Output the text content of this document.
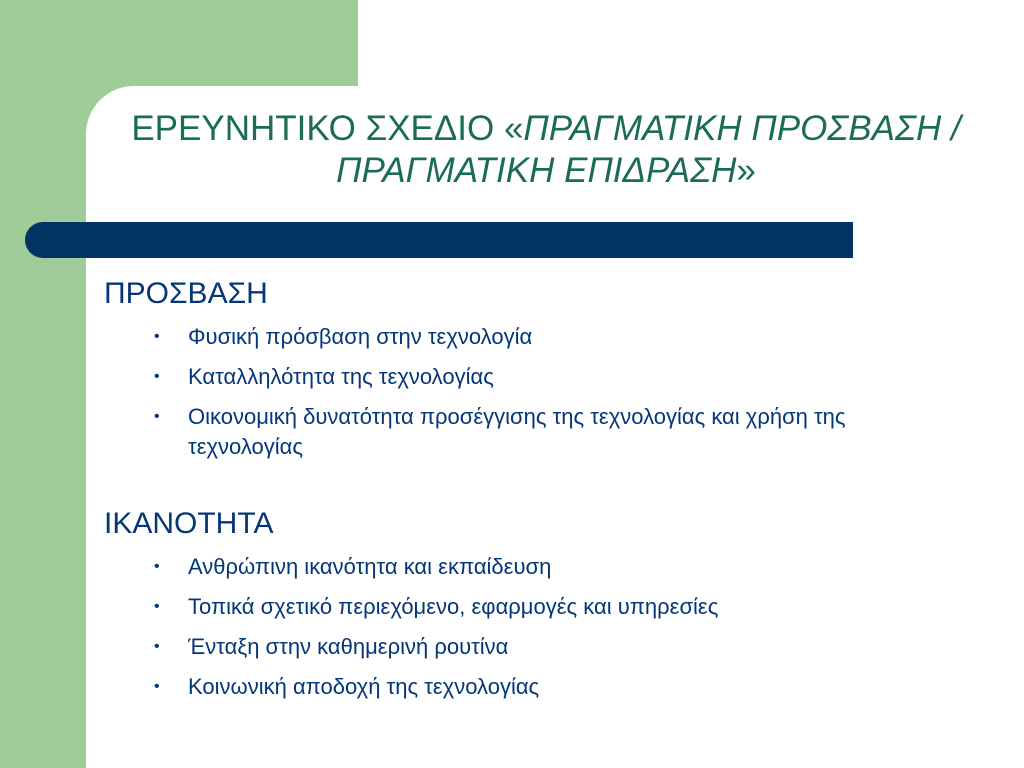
ΕΡΕΥΝΗΤΙΚΟ ΣΧΕΔΙΟ «ΠΡΑΓΜΑΤΙΚΗ ΠΡΟΣΒΑΣΗ / ΠΡΑΓΜΑΤΙΚΗ ΕΠΙΔΡΑΣΗ»
ΠΡΟΣΒΑΣΗ
• Φυσική πρόσβαση στην τεχνολογία
• Καταλληλότητα της τεχνολογίας
• Οικονομική δυνατότητα προσέγγισης της τεχνολογίας και χρήση της τεχνολογίας
ΙΚΑΝΟΤΗΤΑ
• Ανθρώπινη ικανότητα και εκπαίδευση
• Τοπικά σχετικό περιεχόμενο, εφαρμογές και υπηρεσίες
• Ένταξη στην καθημερινή ρουτίνα
• Κοινωνική αποδοχή της τεχνολογίας
